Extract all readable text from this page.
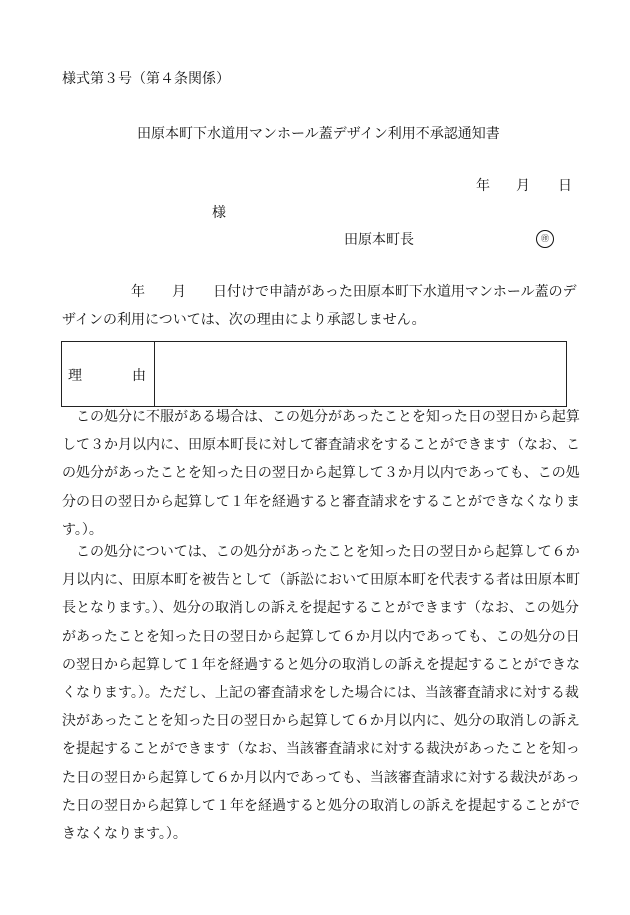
様式第３号（第４条関係）
田原本町下水道用マンホール蓋デザイン利用不承認通知書
年 月 日
様
田原本町長	㊞
年 月 日付けで申請があった田原本町下水道用マンホール蓋のデ
ザインの利用については、次の理由により承認しません。
理	由
　この処分に不服がある場合は、この処分があったことを知った日の翌日から起算
して３か月以内に、田原本町長に対して審査請求をすることができます（なお、こ
の処分があったことを知った日の翌日から起算して３か月以内であっても、この処
分の日の翌日から起算して１年を経過すると審査請求をすることができなくなりま
す。）。
　この処分については、この処分があったことを知った日の翌日から起算して６か
月以内に、田原本町を被告として（訴訟において田原本町を代表する者は田原本町
長となります。）、処分の取消しの訴えを提起することができます（なお、この処分
があったことを知った日の翌日から起算して６か月以内であっても、この処分の日
の翌日から起算して１年を経過すると処分の取消しの訴えを提起することができな
くなります。）。ただし、上記の審査請求をした場合には、当該審査請求に対する裁
決があったことを知った日の翌日から起算して６か月以内に、処分の取消しの訴え
を提起することができます（なお、当該審査請求に対する裁決があったことを知っ
た日の翌日から起算して６か月以内であっても、当該審査請求に対する裁決があっ
た日の翌日から起算して１年を経過すると処分の取消しの訴えを提起することがで
きなくなります。）。
